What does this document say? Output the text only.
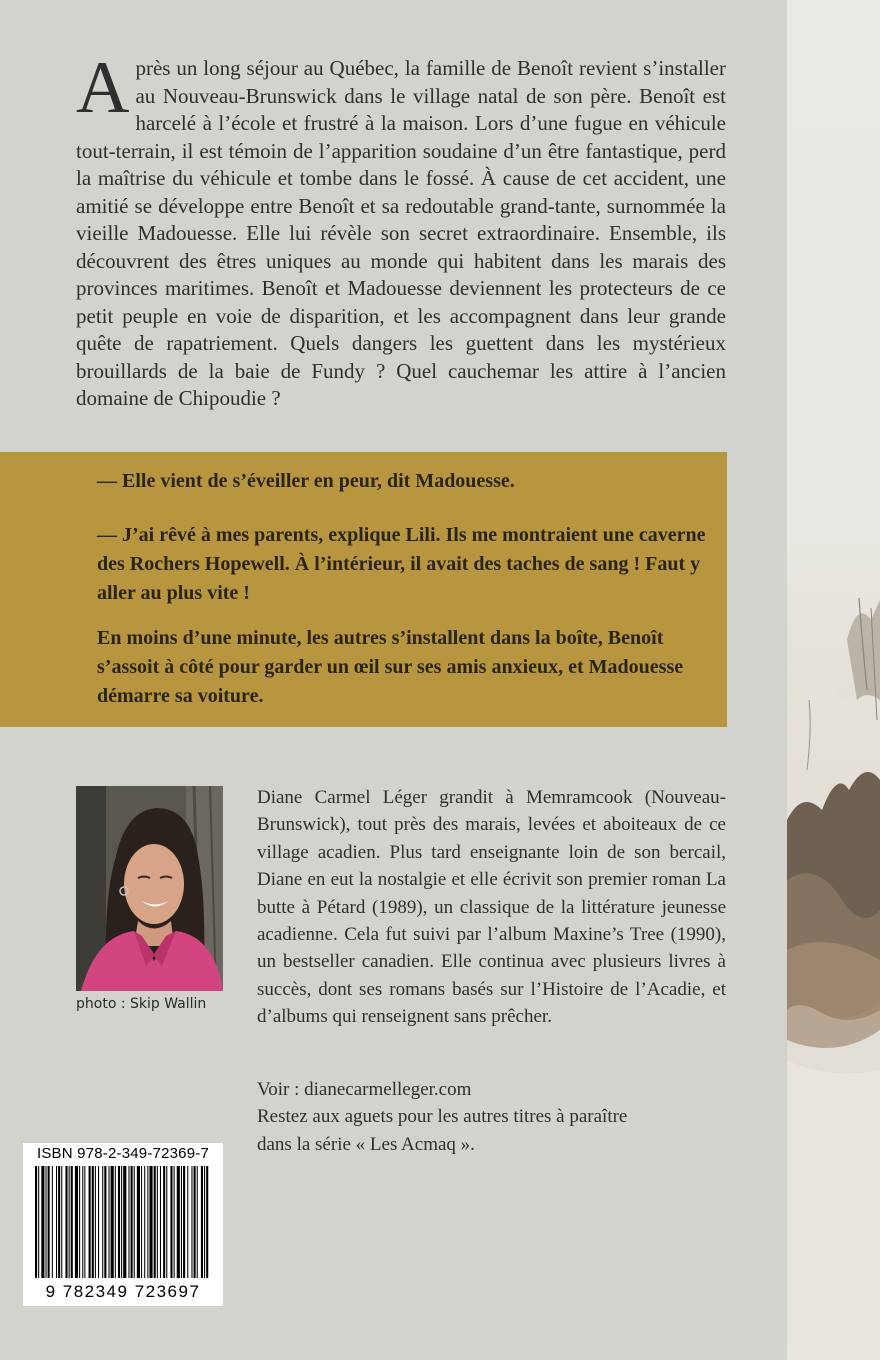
Après un long séjour au Québec, la famille de Benoît revient s’installer au Nouveau-Brunswick dans le village natal de son père. Benoît est harcelé à l’école et frustré à la maison. Lors d’une fugue en véhicule tout-terrain, il est témoin de l’apparition soudaine d’un être fantastique, perd la maîtrise du véhicule et tombe dans le fossé. À cause de cet accident, une amitié se développe entre Benoît et sa redoutable grand-tante, surnommée la vieille Madouesse. Elle lui révèle son secret extraordinaire. Ensemble, ils découvrent des êtres uniques au monde qui habitent dans les marais des provinces maritimes. Benoît et Madouesse deviennent les protecteurs de ce petit peuple en voie de disparition, et les accompagnent dans leur grande quête de rapatriement. Quels dangers les guettent dans les mystérieux brouillards de la baie de Fundy ? Quel cauchemar les attire à l’ancien domaine de Chipoudie ?

— Elle vient de s’éveiller en peur, dit Madouesse.

— J’ai rêvé à mes parents, explique Lili. Ils me montraient une caverne des Rochers Hopewell. À l’intérieur, il avait des taches de sang ! Faut y aller au plus vite !

En moins d’une minute, les autres s’installent dans la boîte, Benoît s’assoit à côté pour garder un œil sur ses amis anxieux, et Madouesse démarre sa voiture.

photo : Skip Wallin

Diane Carmel Léger grandit à Memramcook (Nouveau-Brunswick), tout près des marais, levées et aboiteaux de ce village acadien. Plus tard enseignante loin de son bercail, Diane en eut la nostalgie et elle écrivit son premier roman La butte à Pétard (1989), un classique de la littérature jeunesse acadienne. Cela fut suivi par l’album Maxine’s Tree (1990), un bestseller canadien. Elle continua avec plusieurs livres à succès, dont ses romans basés sur l’Histoire de l’Acadie, et d’albums qui renseignent sans prêcher.

Voir : dianecarmelleger.com
Restez aux aguets pour les autres titres à paraître
dans la série « Les Acmaq ».
ISBN 978-2-349-72369-7
9 782349 723697
